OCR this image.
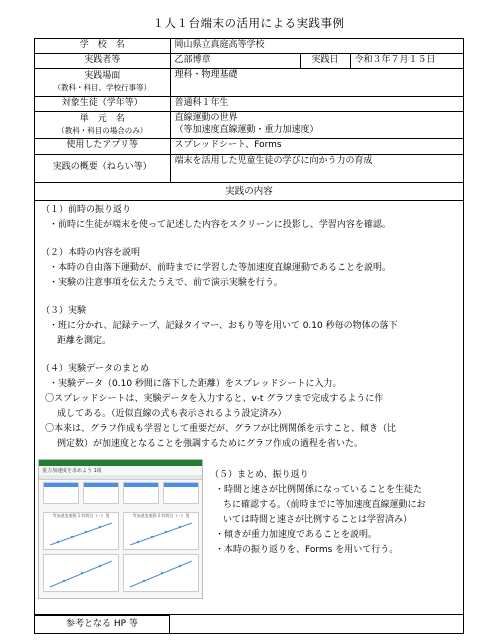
１人１台端末の活用による実践事例
学　校　名	岡山県立真庭高等学校		
実践者等	乙部博章	実践日	令和３年７月１５日
実践場面
（教科・科目、学校行事等）	理科・物理基礎		
対象生徒（学年等）	普通科１年生		
単　元　名
（教科・科目の場合のみ）	直線運動の世界
（等加速度直線運動・重力加速度）		

使用したアプリ等	スプレッドシート、Forms		
実践の概要（ねらい等）	端末を活用した児童生徒の学びに向かう力の育成		
実践の内容
（１）前時の振り返り
・前時に生徒が端末を使って記述した内容をスクリーンに投影し、学習内容を確認。
（２）本時の内容を説明
・本時の自由落下運動が、前時までに学習した等加速度直線運動であることを説明。
・実験の注意事項を伝えたうえで、前で演示実験を行う。
（３）実験
・班に分かれ、記録テープ、記録タイマー、おもり等を用いて 0.10 秒毎の物体の落下
距離を測定。
（４）実験データのまとめ
・実験データ（0.10 秒間に落下した距離）をスプレッドシートに入力。
〇スプレッドシートは、実験データを入力すると、v-t グラフまで完成するように作
成してある。（近似直線の式も表示されるよう設定済み）
〇本来は、グラフ作成も学習として重要だが、グラフが比例関係を示すこと、傾き（比
例定数）が加速度となることを強調するためにグラフ作成の過程を省いた。
重力加速度を求めよう 1組
等加速度運動 1 時間目 ｖ-ｔ 図	等加速度運動 2 時間目 ｖ-ｔ 図
（５）まとめ、振り返り
・時間と速さが比例関係になっていることを生徒た
ちに確認する。（前時までに等加速度直線運動にお
いては時間と速さが比例することは学習済み）
・傾きが重力加速度であることを説明。
・本時の振り返りを、Forms を用いて行う。
参考となる HP 等
